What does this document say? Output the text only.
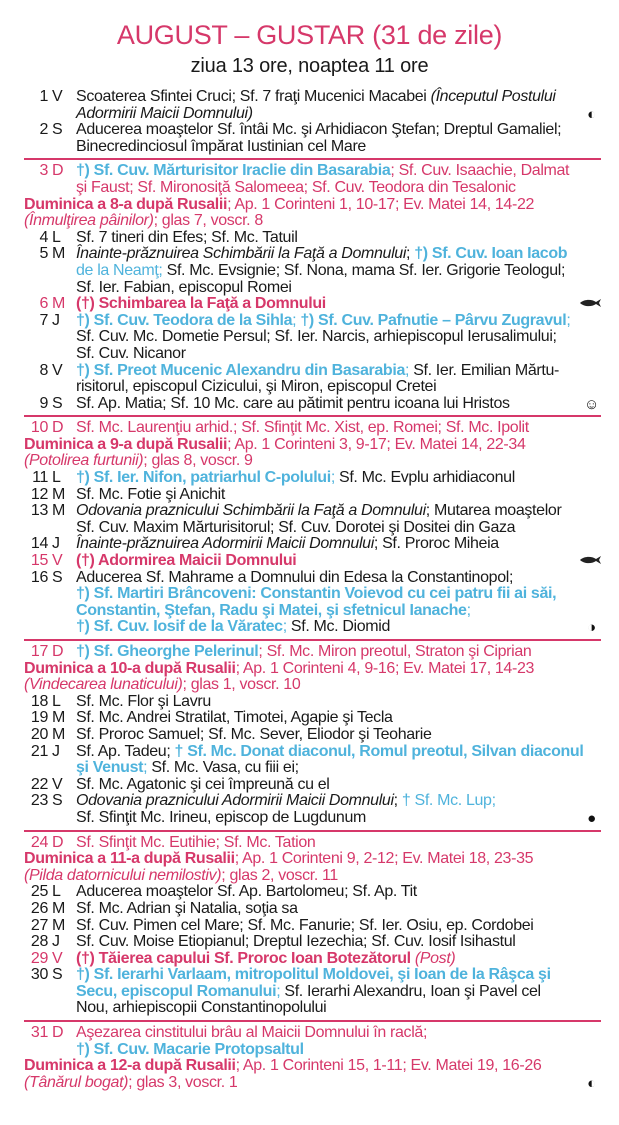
AUGUST – GUSTAR (31 de zile)
ziua 13 ore, noaptea 11 ore
1 V Scoaterea Sfintei Cruci; Sf. 7 fraţi Mucenici Macabei (Începutul Postului
Adormirii Maicii Domnului)	◐
2 S Aducerea moaştelor Sf. întâi Mc. şi Arhidiacon Ştefan; Dreptul Gamaliel;
Binecredinciosul împărat Iustinian cel Mare
3 D †) Sf. Cuv. Mărturisitor Iraclie din Basarabia; Sf. Cuv. Isaachie, Dalmat
şi Faust; Sf. Mironosiţă Salomeea; Sf. Cuv. Teodora din Tesalonic
Duminica a 8-a după Rusalii; Ap. 1 Corinteni 1, 10-17; Ev. Matei 14, 14-22
(Înmulţirea pâinilor); glas 7, voscr. 8
4 L Sf. 7 tineri din Efes; Sf. Mc. Tatuil
5 M Înainte-prăznuirea Schimbării la Faţă a Domnului; †) Sf. Cuv. Ioan Iacob
de la Neamţ; Sf. Mc. Evsignie; Sf. Nona, mama Sf. Ier. Grigorie Teologul;
Sf. Ier. Fabian, episcopul Romei
6 M (†) Schimbarea la Faţă a Domnului
7 J	†) Sf. Cuv. Teodora de la Sihla; †) Sf. Cuv. Pafnutie – Pârvu Zugravul;
Sf. Cuv. Mc. Dometie Persul; Sf. Ier. Narcis, arhiepiscopul Ierusalimului;
Sf. Cuv. Nicanor
8 V †) Sf. Preot Mucenic Alexandru din Basarabia; Sf. Ier. Emilian Mărtu-
risitorul, episcopul Cizicului, şi Miron, episcopul Cretei
9 S Sf. Ap. Matia; Sf. 10 Mc. care au pătimit pentru icoana lui Hristos	☺
10 D Sf. Mc. Laurenţiu arhid.; Sf. Sfinţit Mc. Xist, ep. Romei; Sf. Mc. Ipolit
Duminica a 9-a după Rusalii; Ap. 1 Corinteni 3, 9-17; Ev. Matei 14, 22-34
(Potolirea furtunii); glas 8, voscr. 9
11 L †) Sf. Ier. Nifon, patriarhul C-polului; Sf. Mc. Evplu arhidiaconul
12 M Sf. Mc. Fotie şi Anichit
13 M Odovania praznicului Schimbării la Faţă a Domnului; Mutarea moaştelor
Sf. Cuv. Maxim Mărturisitorul; Sf. Cuv. Dorotei şi Dositei din Gaza
14 J	Înainte-prăznuirea Adormirii Maicii Domnului; Sf. Proroc Miheia
15 V (†) Adormirea Maicii Domnului
16 S Aducerea Sf. Mahrame a Domnului din Edesa la Constantinopol;
†) Sf. Martiri Brâncoveni: Constantin Voievod cu cei patru fii ai săi,
Constantin, Ştefan, Radu şi Matei, şi sfetnicul Ianache;
†) Sf. Cuv. Iosif de la Văratec; Sf. Mc. Diomid	◑
17 D †) Sf. Gheorghe Pelerinul; Sf. Mc. Miron preotul, Straton şi Ciprian
Duminica a 10-a după Rusalii; Ap. 1 Corinteni 4, 9-16; Ev. Matei 17, 14-23
(Vindecarea lunaticului); glas 1, voscr. 10
18 L Sf. Mc. Flor şi Lavru
19 M Sf. Mc. Andrei Stratilat, Timotei, Agapie şi Tecla
20 M Sf. Proroc Samuel; Sf. Mc. Sever, Eliodor şi Teoharie
21 J	Sf. Ap. Tadeu; † Sf. Mc. Donat diaconul, Romul preotul, Silvan diaconul
şi Venust; Sf. Mc. Vasa, cu fiii ei;
22 V Sf. Mc. Agatonic şi cei împreună cu el
23 S Odovania praznicului Adormirii Maicii Domnului; † Sf. Mc. Lup;
Sf. Sfinţit Mc. Irineu, episcop de Lugdunum	●
24 D Sf. Sfinţit Mc. Eutihie; Sf. Mc. Tation
Duminica a 11-a după Rusalii; Ap. 1 Corinteni 9, 2-12; Ev. Matei 18, 23-35
(Pilda datornicului nemilostiv); glas 2, voscr. 11
25 L Aducerea moaştelor Sf. Ap. Bartolomeu; Sf. Ap. Tit
26 M Sf. Mc. Adrian şi Natalia, soţia sa
27 M Sf. Cuv. Pimen cel Mare; Sf. Mc. Fanurie; Sf. Ier. Osiu, ep. Cordobei
28 J	Sf. Cuv. Moise Etiopianul; Dreptul Iezechia; Sf. Cuv. Iosif Isihastul
29 V (†) Tăierea capului Sf. Proroc Ioan Botezătorul (Post)
30 S †) Sf. Ierarhi Varlaam, mitropolitul Moldovei, şi Ioan de la Râşca şi
Secu, episcopul Romanului; Sf. Ierarhi Alexandru, Ioan şi Pavel cel
Nou, arhiepiscopii Constantinopolului
31 D Aşezarea cinstitului brâu al Maicii Domnului în raclă;
†) Sf. Cuv. Macarie Protopsaltul
Duminica a 12-a după Rusalii; Ap. 1 Corinteni 15, 1-11; Ev. Matei 19, 16-26
(Tânărul bogat); glas 3, voscr. 1	◐
